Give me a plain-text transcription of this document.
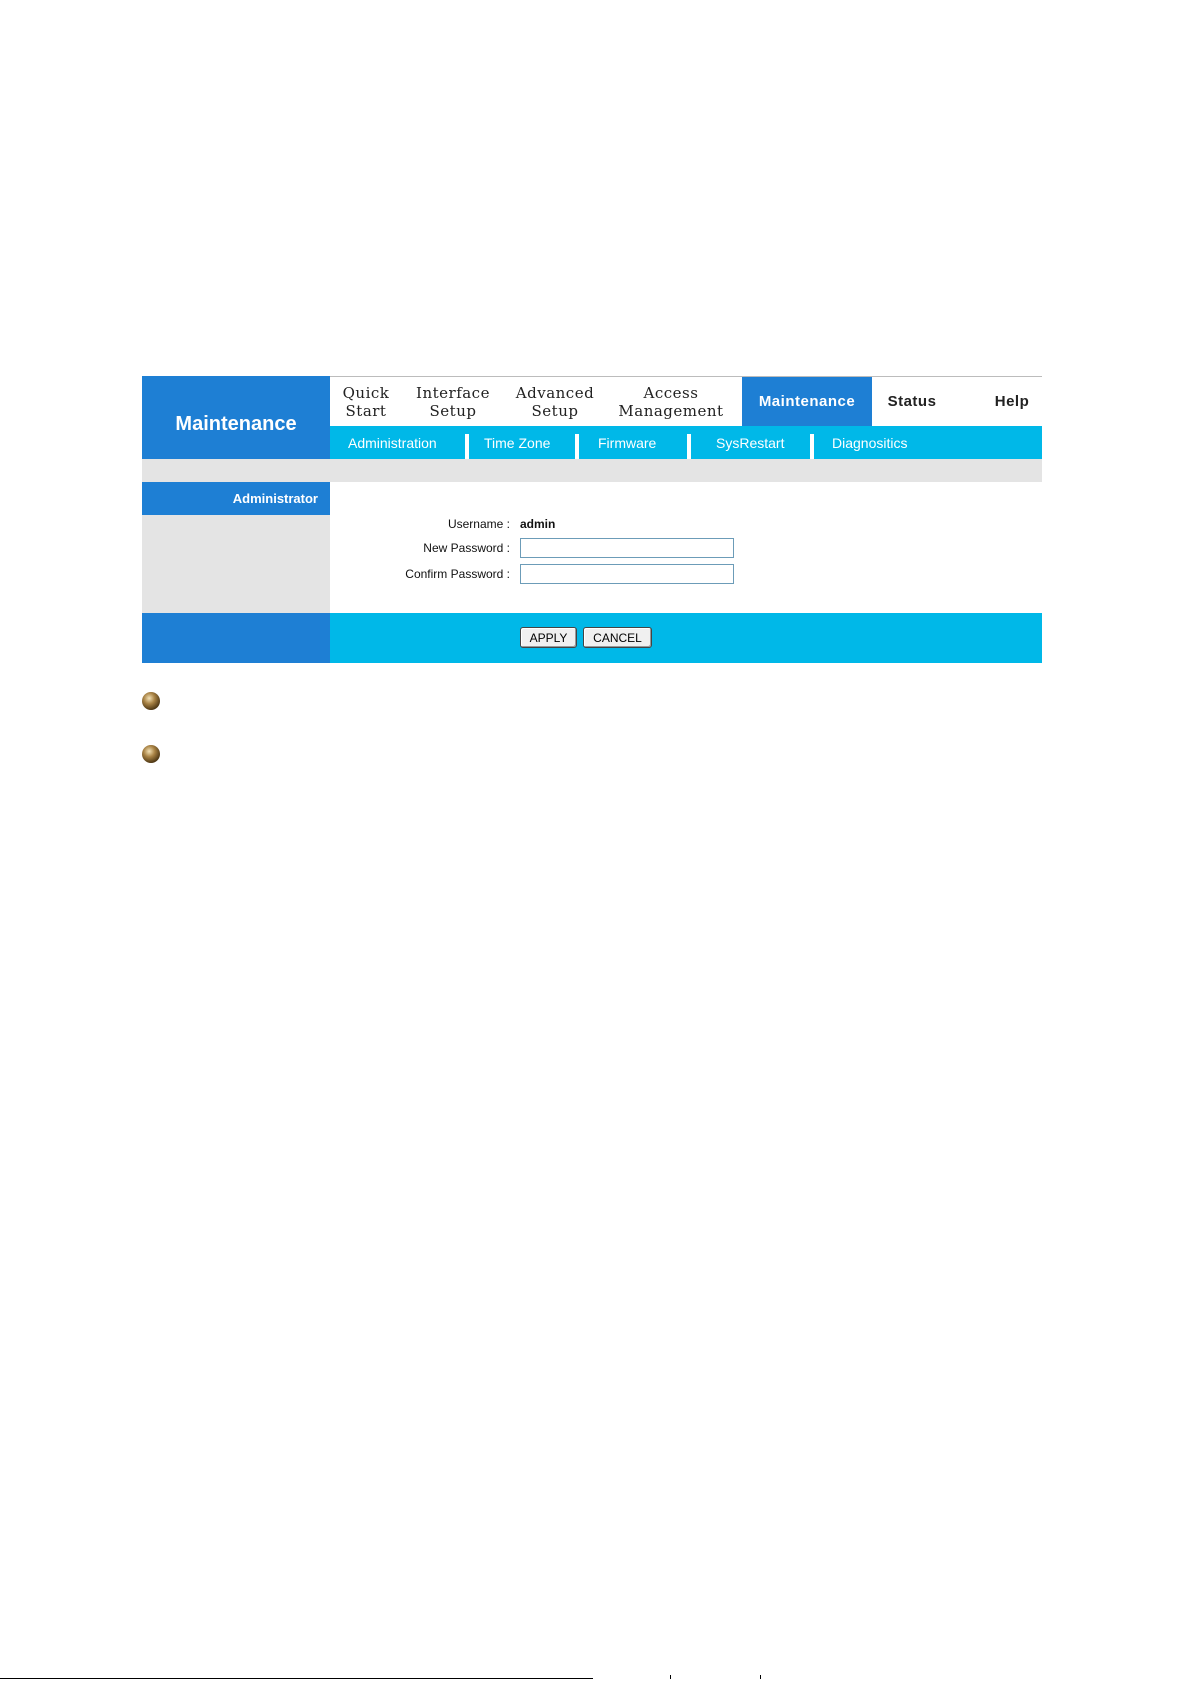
Maintenance
Quick
Start
Interface
Setup
Advanced
Setup
Access
Management
Maintenance Status	Help
Administration	Time Zone	Firmware	SysRestart	Diagnositics
Administrator
Username : admin
New Password :
Confirm Password :
APPLY	CANCEL
